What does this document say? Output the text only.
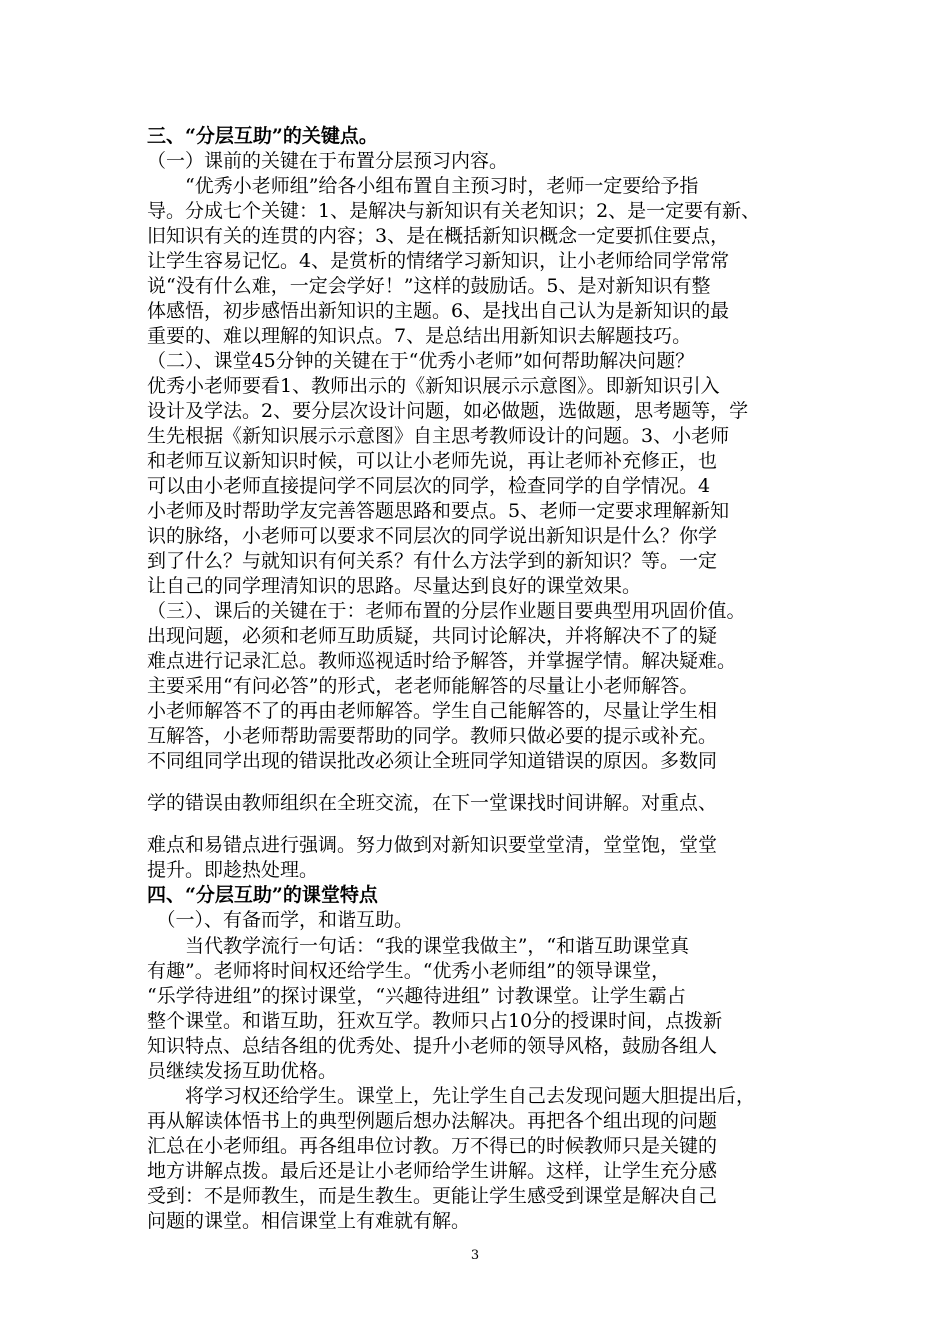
三、“分层互助”的关键点。
（一）课前的关键在于布置分层预习内容。
　　“优秀小老师组”给各小组布置自主预习时，老师一定要给予指
导。分成七个关键：1、是解决与新知识有关老知识；2、是一定要有新、
旧知识有关的连贯的内容；3、是在概括新知识概念一定要抓住要点，
让学生容易记忆。4、是赏析的情绪学习新知识，让小老师给同学常常
说“没有什么难，一定会学好！”这样的鼓励话。5、是对新知识有整
体感悟，初步感悟出新知识的主题。6、是找出自己认为是新知识的最
重要的、难以理解的知识点。7、是总结出用新知识去解题技巧。
（二）、课堂45分钟的关键在于“优秀小老师”如何帮助解决问题？
优秀小老师要看1、教师出示的《新知识展示示意图》。即新知识引入
设计及学法。2、要分层次设计问题，如必做题，选做题，思考题等，学
生先根据《新知识展示示意图》自主思考教师设计的问题。3、小老师
和老师互议新知识时候，可以让小老师先说，再让老师补充修正，也
可以由小老师直接提问学不同层次的同学，检查同学的自学情况。4
小老师及时帮助学友完善答题思路和要点。5、老师一定要求理解新知
识的脉络，小老师可以要求不同层次的同学说出新知识是什么？你学
到了什么？与就知识有何关系？有什么方法学到的新知识？等。一定
让自己的同学理清知识的思路。尽量达到良好的课堂效果。
（三）、课后的关键在于：老师布置的分层作业题目要典型用巩固价值。
出现问题，必须和老师互助质疑，共同讨论解决，并将解决不了的疑
难点进行记录汇总。教师巡视适时给予解答，并掌握学情。解决疑难。
主要采用“有问必答”的形式，老老师能解答的尽量让小老师解答。
小老师解答不了的再由老师解答。学生自己能解答的，尽量让学生相
互解答，小老师帮助需要帮助的同学。教师只做必要的提示或补充。
不同组同学出现的错误批改必须让全班同学知道错误的原因。多数同
学的错误由教师组织在全班交流，在下一堂课找时间讲解。对重点、
难点和易错点进行强调。努力做到对新知识要堂堂清，堂堂饱，堂堂
提升。即趁热处理。
四、“分层互助”的课堂特点
　（一）、有备而学，和谐互助。
　　当代教学流行一句话：“我的课堂我做主”，“和谐互助课堂真
有趣”。老师将时间权还给学生。“优秀小老师组”的领导课堂，
“乐学待进组”的探讨课堂，“兴趣待进组” 讨教课堂。让学生霸占
整个课堂。和谐互助，狂欢互学。教师只占10分的授课时间，点拨新
知识特点、总结各组的优秀处、提升小老师的领导风格，鼓励各组人
员继续发扬互助优格。
　　将学习权还给学生。课堂上，先让学生自己去发现问题大胆提出后，
再从解读体悟书上的典型例题后想办法解决。再把各个组出现的问题
汇总在小老师组。再各组串位讨教。万不得已的时候教师只是关键的
地方讲解点拨。最后还是让小老师给学生讲解。这样，让学生充分感
受到：不是师教生，而是生教生。更能让学生感受到课堂是解决自己
问题的课堂。相信课堂上有难就有解。
3
